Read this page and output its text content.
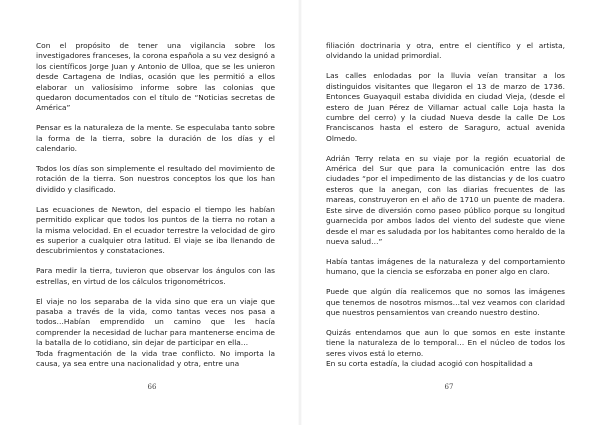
Con el propósito de tener una vigilancia sobre los investigadores franceses, la corona española a su vez designó a los científicos Jorge Juan y Antonio de Ulloa, que se les unieron desde Cartagena de Indias, ocasión que les permitió a ellos elaborar un valiosísimo informe sobre las colonias que quedaron documentados con el título de “Noticias secretas de América”

Pensar es la naturaleza de la mente. Se especulaba tanto sobre la forma de la tierra, sobre la duración de los días y el calendario.

Todos los días son simplemente el resultado del movimiento de rotación de la tierra. Son nuestros conceptos los que los han dividido y clasificado.

Las ecuaciones de Newton, del espacio el tiempo les habían permitido explicar que todos los puntos de la tierra no rotan a la misma velocidad. En el ecuador terrestre la velocidad de giro es superior a cualquier otra latitud. El viaje se iba llenando de descubrimientos y constataciones.

Para medir la tierra, tuvieron que observar los ángulos con las estrellas, en virtud de los cálculos trigonométricos.

El viaje no los separaba de la vida sino que era un viaje que pasaba a través de la vida, como tantas veces nos pasa a todos…Habían emprendido un camino que les hacía comprender la necesidad de luchar para mantenerse encima de la batalla de lo cotidiano, sin dejar de participar en ella…

Toda fragmentación de la vida trae conflicto. No importa la causa, ya sea entre una nacionalidad y otra, entre una

66

filiación doctrinaria y otra, entre el científico y el artista, olvidando la unidad primordial.

Las calles enlodadas por la lluvia veían transitar a los distinguidos visitantes que llegaron el 13 de marzo de 1736. Entonces Guayaquil estaba dividida en ciudad Vieja, (desde el estero de Juan Pérez de Villamar actual calle Loja hasta la cumbre del cerro) y la ciudad Nueva desde la calle De Los Franciscanos hasta el estero de Saraguro, actual avenida Olmedo.

Adrián Terry relata en su viaje por la región ecuatorial de América del Sur que para la comunicación entre las dos ciudades “por el impedimento de las distancias y de los cuatro esteros que la anegan, con las diarias frecuentes de las mareas, construyeron en el año de 1710 un puente de madera. Este sirve de diversión como paseo público porque su longitud guarnecida por ambos lados del viento del sudeste que viene desde el mar es saludada por los habitantes como heraldo de la nueva salud…”

Había tantas imágenes de la naturaleza y del comportamiento humano, que la ciencia se esforzaba en poner algo en claro.

Puede que algún día realicemos que no somos las imágenes que tenemos de nosotros mismos…tal vez veamos con claridad que nuestros pensamientos van creando nuestro destino.

Quizás entendamos que aun lo que somos en este instante tiene la naturaleza de lo temporal… En el núcleo de todos los seres vivos está lo eterno.

En su corta estadía, la ciudad acogió con hospitalidad a

67
